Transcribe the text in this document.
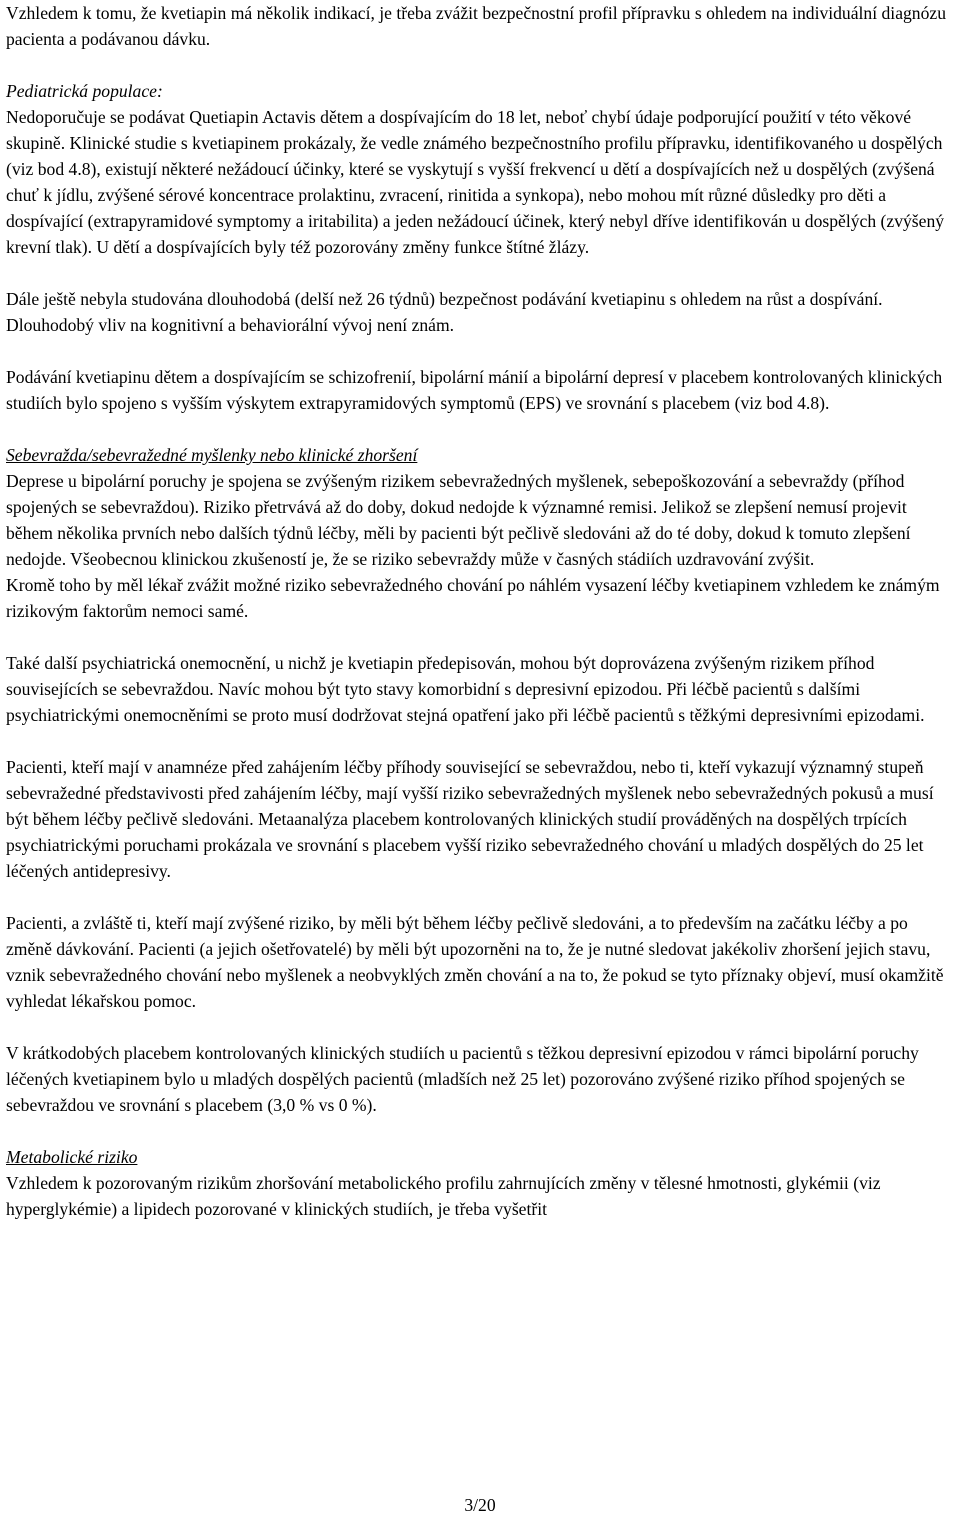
Vzhledem k tomu, že kvetiapin má několik indikací, je třeba zvážit bezpečnostní profil přípravku s ohledem na individuální diagnózu pacienta a podávanou dávku.

Pediatrická populace:

Nedoporučuje se podávat Quetiapin Actavis dětem a dospívajícím do 18 let, neboť chybí údaje podporující použití v této věkové skupině. Klinické studie s kvetiapinem prokázaly, že vedle známého bezpečnostního profilu přípravku, identifikovaného u dospělých (viz bod 4.8), existují některé nežádoucí účinky, které se vyskytují s vyšší frekvencí u dětí a dospívajících než u dospělých (zvýšená chuť k jídlu, zvýšené sérové koncentrace prolaktinu, zvracení, rinitida a synkopa), nebo mohou mít různé důsledky pro děti a dospívající (extrapyramidové symptomy a iritabilita) a jeden nežádoucí účinek, který nebyl dříve identifikován u dospělých (zvýšený krevní tlak). U dětí a dospívajících byly též pozorovány změny funkce štítné žlázy.

Dále ještě nebyla studována dlouhodobá (delší než 26 týdnů) bezpečnost podávání kvetiapinu s ohledem na růst a dospívání. Dlouhodobý vliv na kognitivní a behaviorální vývoj není znám.

Podávání kvetiapinu dětem a dospívajícím se schizofrenií, bipolární mánií a bipolární depresí v placebem kontrolovaných klinických studiích bylo spojeno s vyšším výskytem extrapyramidových symptomů (EPS) ve srovnání s placebem (viz bod 4.8).

Sebevražda/sebevražedné myšlenky nebo klinické zhoršení

Deprese u bipolární poruchy je spojena se zvýšeným rizikem sebevražedných myšlenek, sebepoškozování a sebevraždy (příhod spojených se sebevraždou). Riziko přetrvává až do doby, dokud nedojde k významné remisi. Jelikož se zlepšení nemusí projevit během několika prvních nebo dalších týdnů léčby, měli by pacienti být pečlivě sledováni až do té doby, dokud k tomuto zlepšení nedojde. Všeobecnou klinickou zkušeností je, že se riziko sebevraždy může v časných stádiích uzdravování zvýšit.

Kromě toho by měl lékař zvážit možné riziko sebevražedného chování po náhlém vysazení léčby kvetiapinem vzhledem ke známým rizikovým faktorům nemoci samé.

Také další psychiatrická onemocnění, u nichž je kvetiapin předepisován, mohou být doprovázena zvýšeným rizikem příhod souvisejících se sebevraždou. Navíc mohou být tyto stavy komorbidní s depresivní epizodou. Při léčbě pacientů s dalšími psychiatrickými onemocněními se proto musí dodržovat stejná opatření jako při léčbě pacientů s těžkými depresivními epizodami.

Pacienti, kteří mají v anamnéze před zahájením léčby příhody související se sebevraždou, nebo ti, kteří vykazují významný stupeň sebevražedné představivosti před zahájením léčby, mají vyšší riziko sebevražedných myšlenek nebo sebevražedných pokusů a musí být během léčby pečlivě sledováni. Metaanalýza placebem kontrolovaných klinických studií prováděných na dospělých trpících psychiatrickými poruchami prokázala ve srovnání s placebem vyšší riziko sebevražedného chování u mladých dospělých do 25 let léčených antidepresivy.

Pacienti, a zvláště ti, kteří mají zvýšené riziko, by měli být během léčby pečlivě sledováni, a to především na začátku léčby a po změně dávkování. Pacienti (a jejich ošetřovatelé) by měli být upozorněni na to, že je nutné sledovat jakékoliv zhoršení jejich stavu, vznik sebevražedného chování nebo myšlenek a neobvyklých změn chování a na to, že pokud se tyto příznaky objeví, musí okamžitě vyhledat lékařskou pomoc.

V krátkodobých placebem kontrolovaných klinických studiích u pacientů s těžkou depresivní epizodou v rámci bipolární poruchy léčených kvetiapinem bylo u mladých dospělých pacientů (mladších než 25 let) pozorováno zvýšené riziko příhod spojených se sebevraždou ve srovnání s placebem (3,0 % vs 0 %).

Metabolické riziko

Vzhledem k pozorovaným rizikům zhoršování metabolického profilu zahrnujících změny v tělesné hmotnosti, glykémii (viz hyperglykémie) a lipidech pozorované v klinických studiích, je třeba vyšetřit

3/20
